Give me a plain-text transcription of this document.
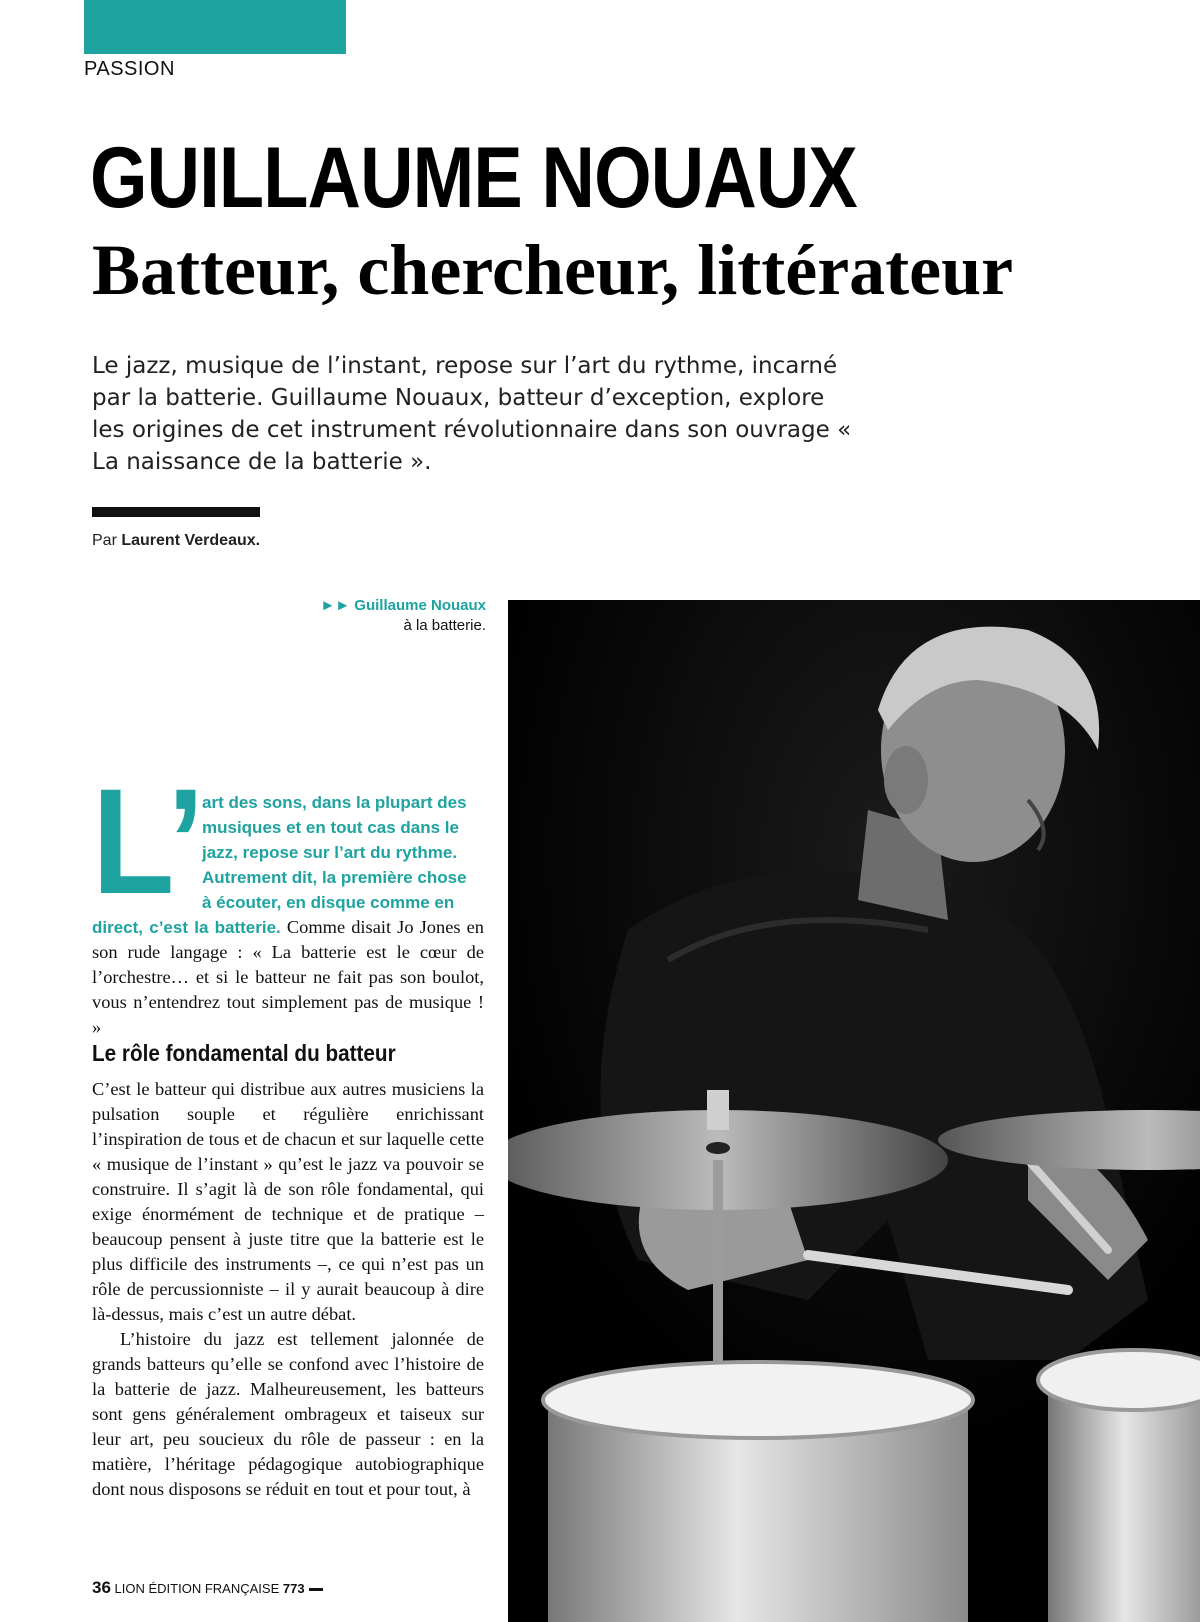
PASSION
GUILLAUME NOUAUX
Batteur, chercheur, littérateur

Le jazz, musique de l’instant, repose sur l’art du rythme, incarné par la batterie. Guillaume Nouaux, batteur d’exception, explore les origines de cet instrument révolutionnaire dans son ouvrage « La naissance de la batterie ».

Par Laurent Verdeaux.
►► Guillaume Nouaux
à la batterie.
L’
art des sons, dans la plupart des
musiques et en tout cas dans le
jazz, repose sur l’art du rythme.
Autrement dit, la première chose
à écouter, en disque comme en

direct, c’est la batterie. Comme disait Jo Jones en son rude langage : « La batterie est le cœur de l’orchestre… et si le batteur ne fait pas son boulot, vous n’entendrez tout simplement pas de musique ! »

Le rôle fondamental du batteur

C’est le batteur qui distribue aux autres musiciens la pulsation souple et régulière enrichissant l’inspiration de tous et de chacun et sur laquelle cette « musique de l’instant » qu’est le jazz va pouvoir se construire. Il s’agit là de son rôle fondamental, qui exige énormément de technique et de pratique – beaucoup pensent à juste titre que la batterie est le plus difficile des instruments –, ce qui n’est pas un rôle de percussionniste – il y aurait beaucoup à dire là-dessus, mais c’est un autre débat.

L’histoire du jazz est tellement jalonnée de grands batteurs qu’elle se confond avec l’histoire de la batterie de jazz. Malheureusement, les batteurs sont gens généralement ombrageux et taiseux sur leur art, peu soucieux du rôle de passeur : en la matière, l’héritage pédagogique autobiographique dont nous disposons se réduit en tout et pour tout, à

36 LION ÉDITION FRANÇAISE 773
